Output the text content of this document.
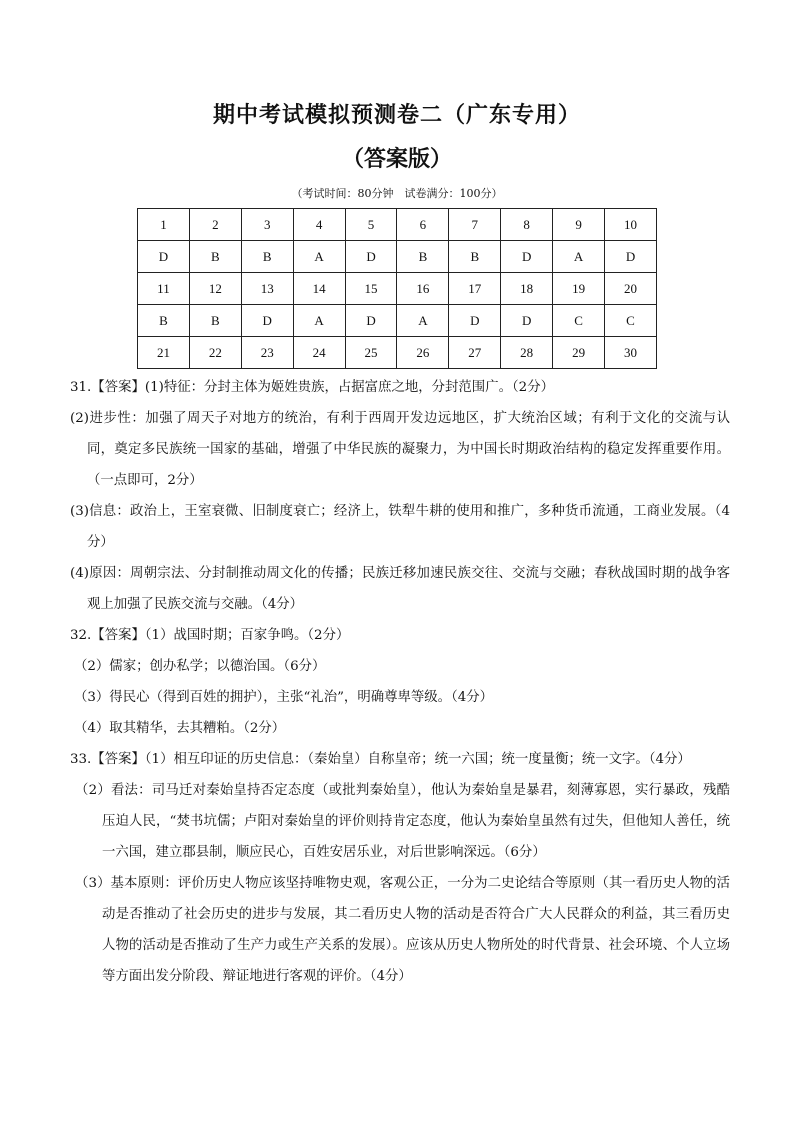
期中考试模拟预测卷二（广东专用）
（答案版）
（考试时间：80分钟　试卷满分：100分）
1	2	3	4	5	6	7	8	9	10
D	B	B	A	D	B	B	D	A	D
11	12	13	14	15	16	17	18	19	20
B	B	D	A	D	A	D	D	C	C
21	22	23	24	25	26	27	28	29	30

31.【答案】(1)特征：分封主体为姬姓贵族，占据富庶之地，分封范围广。（2分）

(2)进步性：加强了周天子对地方的统治，有利于西周开发边远地区，扩大统治区域；有利于文化的交流与认同，奠定多民族统一国家的基础，增强了中华民族的凝聚力，为中国长时期政治结构的稳定发挥重要作用。（一点即可，2分）

(3)信息：政治上，王室衰微、旧制度衰亡；经济上，铁犁牛耕的使用和推广，多种货币流通，工商业发展。（4分）

(4)原因：周朝宗法、分封制推动周文化的传播；民族迁移加速民族交往、交流与交融；春秋战国时期的战争客观上加强了民族交流与交融。（4分）

32.【答案】（1）战国时期；百家争鸣。（2分）

（2）儒家；创办私学；以德治国。（6分）

（3）得民心（得到百姓的拥护），主张“礼治”，明确尊卑等级。（4分）

（4）取其精华，去其糟粕。（2分）

33.【答案】（1）相互印证的历史信息：（秦始皇）自称皇帝；统一六国；统一度量衡；统一文字。（4分）

（2）看法：司马迁对秦始皇持否定态度（或批判秦始皇），他认为秦始皇是暴君，刻薄寡恩，实行暴政，残酷压迫人民，“焚书坑儒；卢阳对秦始皇的评价则持肯定态度，他认为秦始皇虽然有过失，但他知人善任，统一六国，建立郡县制，顺应民心，百姓安居乐业，对后世影响深远。（6分）

（3）基本原则：评价历史人物应该坚持唯物史观，客观公正，一分为二史论结合等原则（其一看历史人物的活动是否推动了社会历史的进步与发展，其二看历史人物的活动是否符合广大人民群众的利益，其三看历史人物的活动是否推动了生产力或生产关系的发展）。应该从历史人物所处的时代背景、社会环境、个人立场等方面出发分阶段、辩证地进行客观的评价。（4分）
